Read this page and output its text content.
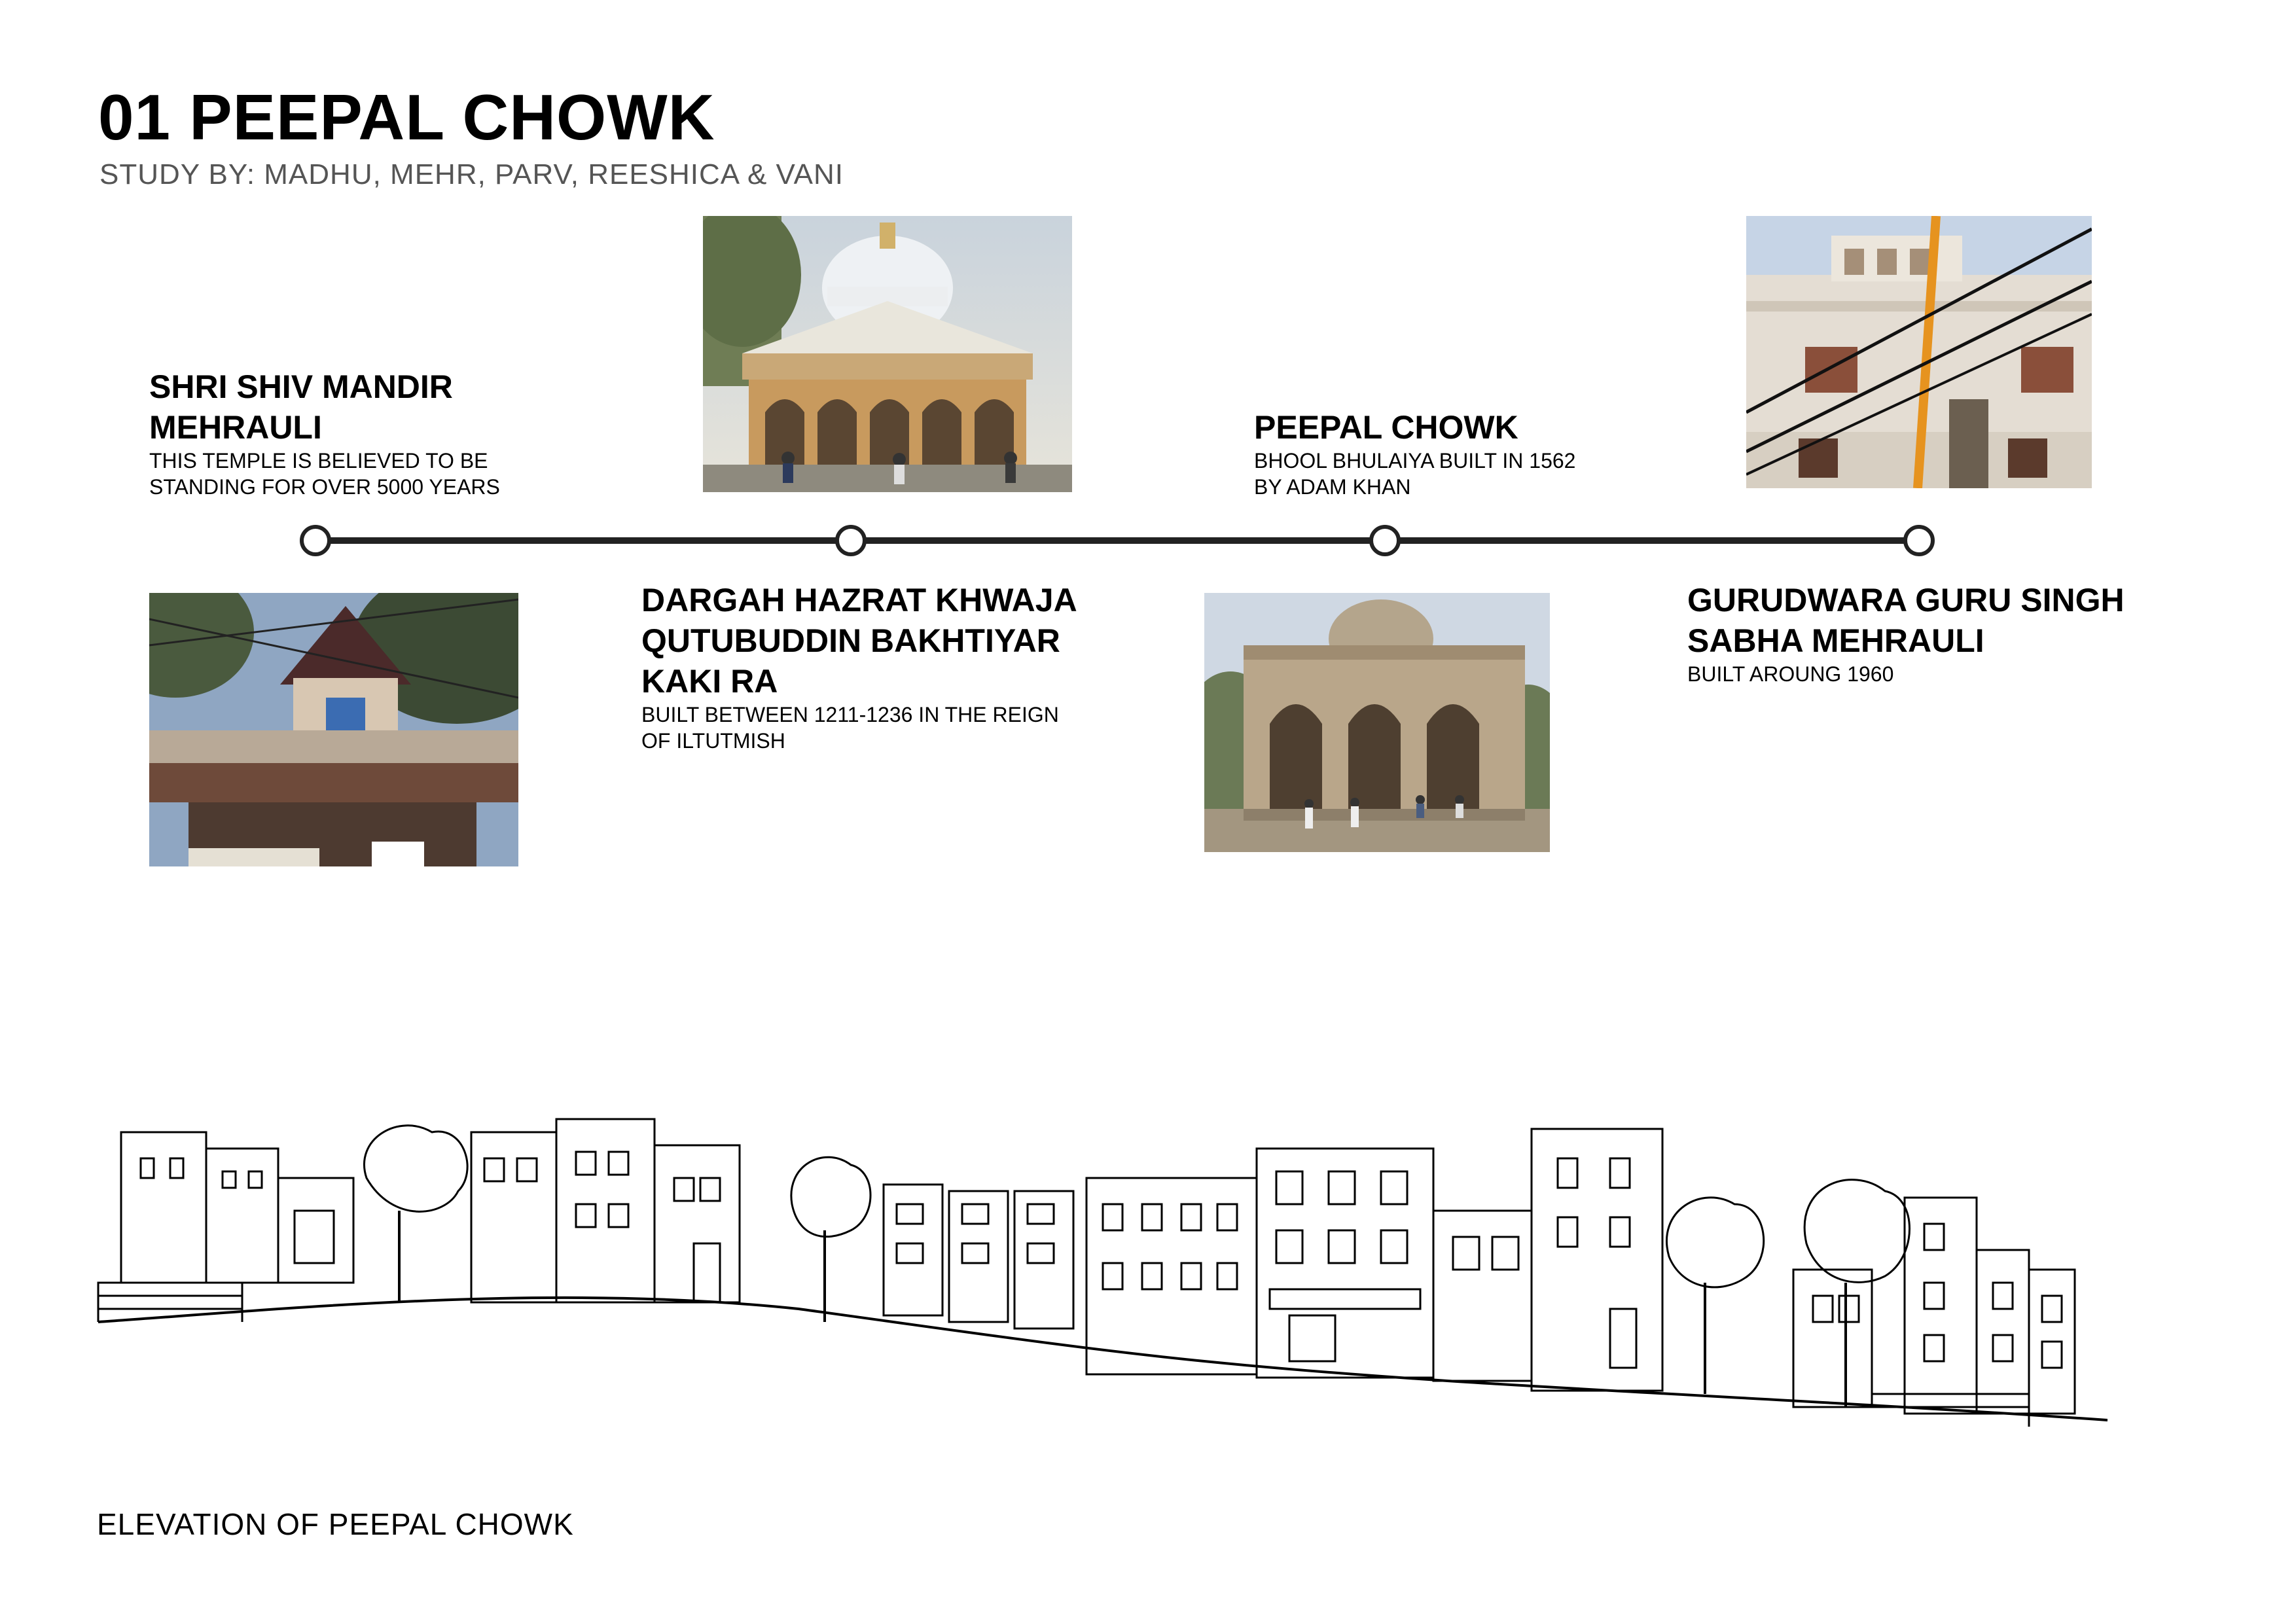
01 PEEPAL CHOWK
STUDY BY: MADHU, MEHR, PARV, REESHICA & VANI
SHRI SHIV MANDIR
MEHRAULI
THIS TEMPLE IS BELIEVED TO BE
STANDING FOR OVER 5000 YEARS
DARGAH HAZRAT KHWAJA
QUTUBUDDIN BAKHTIYAR
KAKI RA
BUILT BETWEEN 1211-1236 IN THE REIGN
OF ILTUTMISH
PEEPAL CHOWK
BHOOL BHULAIYA BUILT IN 1562
BY ADAM KHAN
GURUDWARA GURU SINGH
SABHA MEHRAULI
BUILT AROUNG 1960
ELEVATION OF PEEPAL CHOWK
